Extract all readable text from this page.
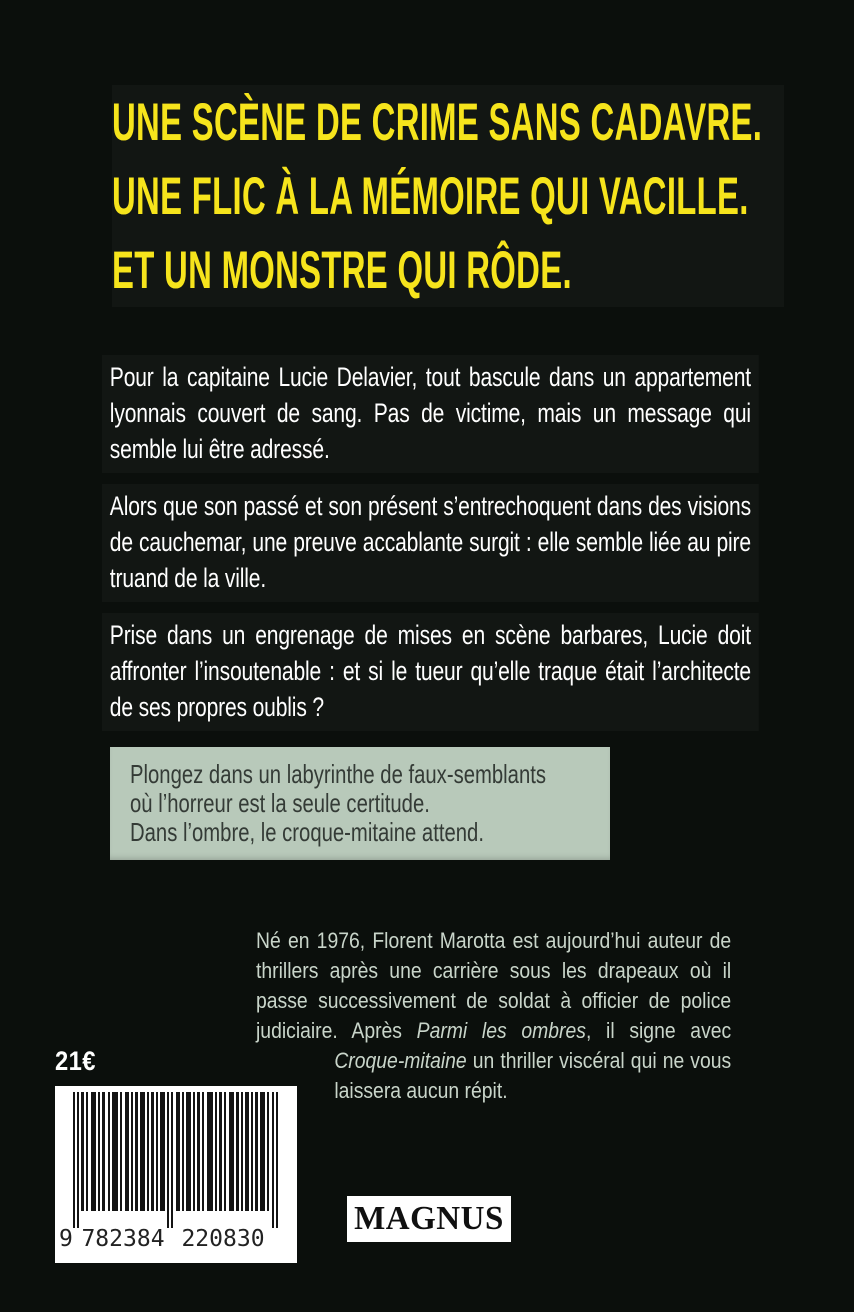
UNE SCÈNE DE CRIME SANS CADAVRE.
UNE FLIC À LA MÉMOIRE QUI VACILLE.
ET UN MONSTRE QUI RÔDE.

Pour la capitaine Lucie Delavier, tout bascule dans un appartement lyonnais couvert de sang. Pas de victime, mais un message qui semble lui être adressé.

Alors que son passé et son présent s’entrechoquent dans des visions de cauchemar, une preuve accablante surgit : elle semble liée au pire truand de la ville.

Prise dans un engrenage de mises en scène barbares, Lucie doit affronter l’insoutenable : et si le tueur qu’elle traque était l’architecte de ses propres oublis ?

Plongez dans un labyrinthe de faux-semblants
où l’horreur est la seule certitude.
Dans l’ombre, le croque-mitaine attend.

Né en 1976, Florent Marotta est aujourd’hui auteur de thrillers après une carrière sous les drapeaux où il passe successivement de soldat à officier de police judiciaire. Après Parmi les ombres, il signe avec

Croque-mitaine un thriller viscéral qui ne vous laissera aucun répit.

21€
9 782384 220830
MAGNUS
